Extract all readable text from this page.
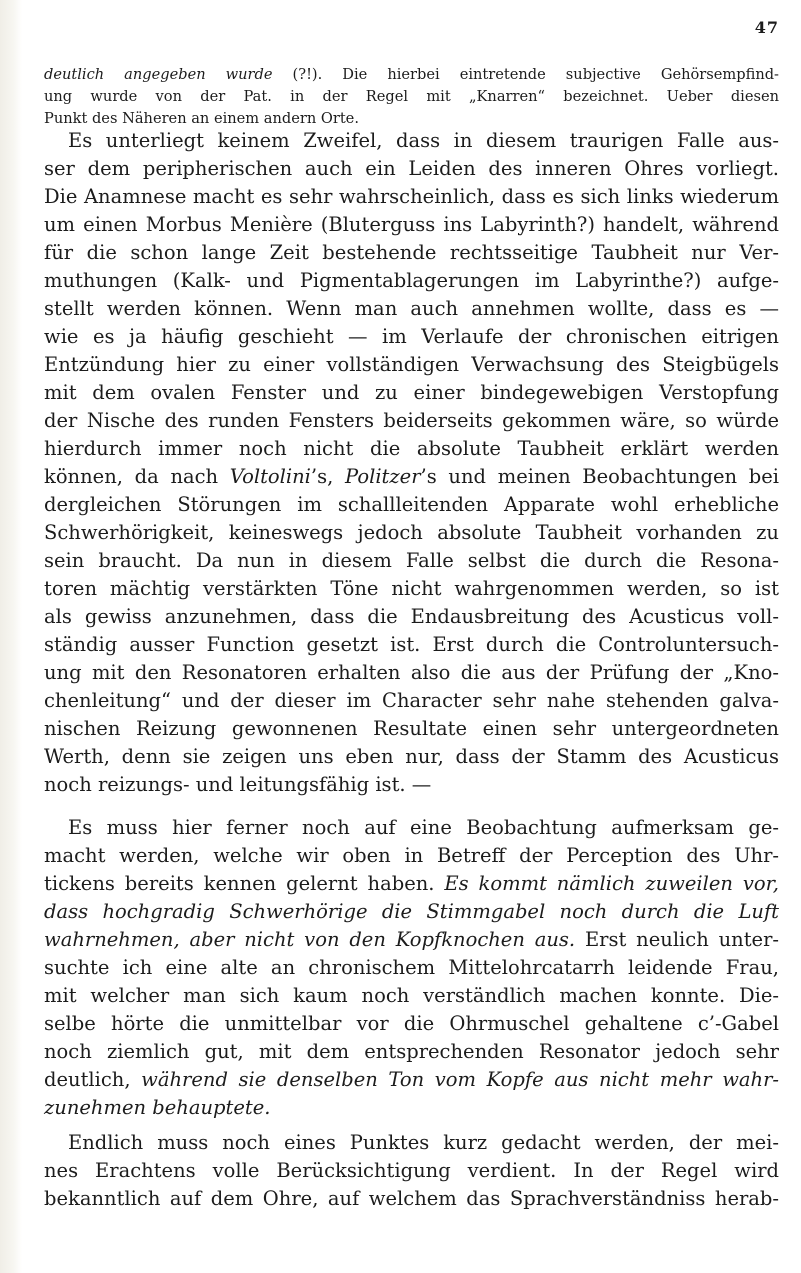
47
deutlich angegeben wurde (?!). Die hierbei eintretende subjective Gehörsempfind-
ung wurde von der Pat. in der Regel mit „Knarren“ bezeichnet. Ueber diesen
Punkt des Näheren an einem andern Orte.
Es unterliegt keinem Zweifel, dass in diesem traurigen Falle aus-
ser dem peripherischen auch ein Leiden des inneren Ohres vorliegt.
Die Anamnese macht es sehr wahrscheinlich, dass es sich links wiederum
um einen Morbus Menière (Bluterguss ins Labyrinth?) handelt, während
für die schon lange Zeit bestehende rechtsseitige Taubheit nur Ver-
muthungen (Kalk- und Pigmentablagerungen im Labyrinthe?) aufge-
stellt werden können. Wenn man auch annehmen wollte, dass es —
wie es ja häufig geschieht — im Verlaufe der chronischen eitrigen
Entzündung hier zu einer vollständigen Verwachsung des Steigbügels
mit dem ovalen Fenster und zu einer bindegewebigen Verstopfung
der Nische des runden Fensters beiderseits gekommen wäre, so würde
hierdurch immer noch nicht die absolute Taubheit erklärt werden
können, da nach Voltolini’s, Politzer’s und meinen Beobachtungen bei
dergleichen Störungen im schallleitenden Apparate wohl erhebliche
Schwerhörigkeit, keineswegs jedoch absolute Taubheit vorhanden zu
sein braucht. Da nun in diesem Falle selbst die durch die Resona-
toren mächtig verstärkten Töne nicht wahrgenommen werden, so ist
als gewiss anzunehmen, dass die Endausbreitung des Acusticus voll-
ständig ausser Function gesetzt ist. Erst durch die Controluntersuch-
ung mit den Resonatoren erhalten also die aus der Prüfung der „Kno-
chenleitung“ und der dieser im Character sehr nahe stehenden galva-
nischen Reizung gewonnenen Resultate einen sehr untergeordneten
Werth, denn sie zeigen uns eben nur, dass der Stamm des Acusticus
noch reizungs- und leitungsfähig ist. —
Es muss hier ferner noch auf eine Beobachtung aufmerksam ge-
macht werden, welche wir oben in Betreff der Perception des Uhr-
tickens bereits kennen gelernt haben. Es kommt nämlich zuweilen vor,
dass hochgradig Schwerhörige die Stimmgabel noch durch die Luft
wahrnehmen, aber nicht von den Kopfknochen aus. Erst neulich unter-
suchte ich eine alte an chronischem Mittelohrcatarrh leidende Frau,
mit welcher man sich kaum noch verständlich machen konnte. Die-
selbe hörte die unmittelbar vor die Ohrmuschel gehaltene c’-Gabel
noch ziemlich gut, mit dem entsprechenden Resonator jedoch sehr
deutlich, während sie denselben Ton vom Kopfe aus nicht mehr wahr-
zunehmen behauptete.
Endlich muss noch eines Punktes kurz gedacht werden, der mei-
nes Erachtens volle Berücksichtigung verdient. In der Regel wird
bekanntlich auf dem Ohre, auf welchem das Sprachverständniss herab-
